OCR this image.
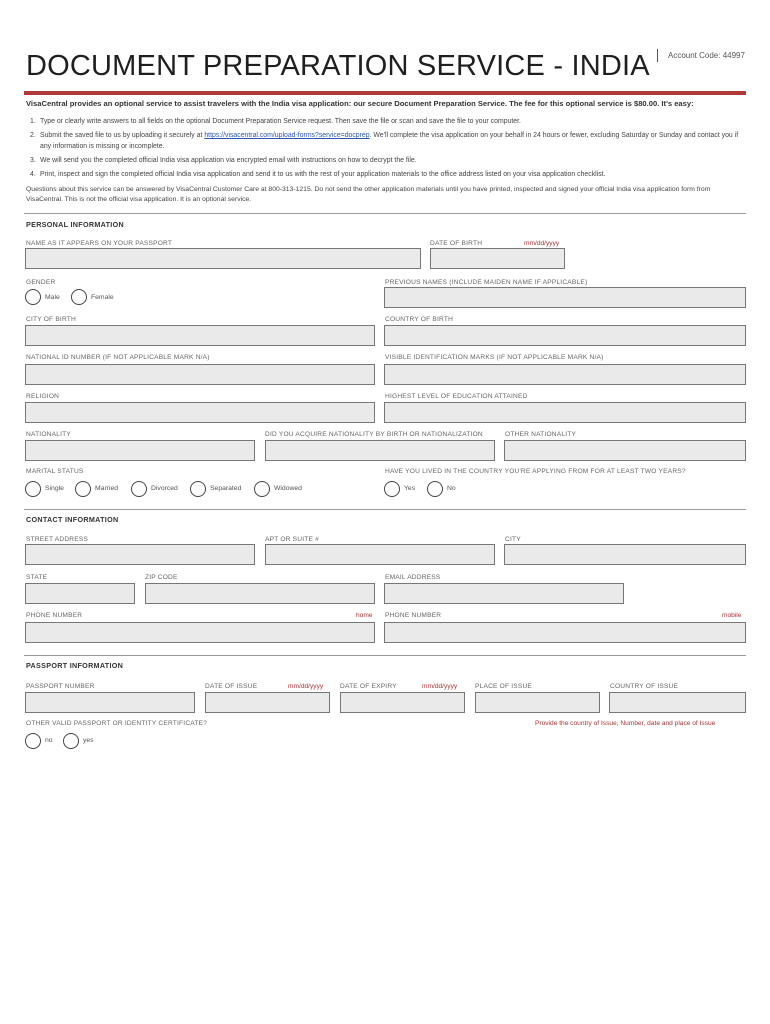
DOCUMENT PREPARATION SERVICE - INDIA Account Code: 44997
VisaCentral provides an optional service to assist travelers with the India visa application: our secure Document Preparation Service. The fee for this optional service is $80.00. It's easy:
1. Type or clearly write answers to all fields on the optional Document Preparation Service request. Then save the file or scan and save the file to your computer.
2. Submit the saved file to us by uploading it securely at https://visacentral.com/upload-forms?service=docprep. We'll complete the visa application on your behalf in 24 hours or fewer, excluding Saturday or Sunday and contact you if any information is missing or incomplete.
3. We will send you the completed official India visa application via encrypted email with instructions on how to decrypt the file.
4. Print, inspect and sign the completed official India visa application and send it to us with the rest of your application materials to the office address listed on your visa application checklist.
Questions about this service can be answered by VisaCentral Customer Care at 800-313-1215. Do not send the other application materials until you have printed, inspected and signed your official India visa application form from VisaCentral. This is not the official visa application. It is an optional service.
PERSONAL INFORMATION
NAME AS IT APPEARS ON YOUR PASSPORT	DATE OF BIRTH	mm/dd/yyyy
GENDER
Male	Female
PREVIOUS NAMES (INCLUDE MAIDEN NAME IF APPLICABLE)
CITY OF BIRTH	COUNTRY OF BIRTH
NATIONAL ID NUMBER (IF NOT APPLICABLE MARK N/A)	VISIBLE IDENTIFICATION MARKS (IF NOT APPLICABLE MARK N/A)
RELIGION	HIGHEST LEVEL OF EDUCATION ATTAINED
NATIONALITY	DID YOU ACQUIRE NATIONALITY BY BIRTH OR NATIONALIZATION	OTHER NATIONALITY
MARITAL STATUS
Single	Married	Divorced	Separated	Widowed
HAVE YOU LIVED IN THE COUNTRY YOU'RE APPLYING FROM FOR AT LEAST TWO YEARS?
Yes	No
CONTACT INFORMATION
STREET ADDRESS	APT OR SUITE #	CITY
STATE	ZIP CODE	EMAIL ADDRESS
PHONE NUMBER	home PHONE NUMBER	mobile
PASSPORT INFORMATION
PASSPORT NUMBER	DATE OF ISSUE	mm/dd/yyyy	DATE OF EXPIRY	mm/dd/yyyy	PLACE OF ISSUE	COUNTRY OF ISSUE
OTHER VALID PASSPORT OR IDENTITY CERTIFICATE?	Provide the country of Issue, Number, date and place of Issue
no	yes
